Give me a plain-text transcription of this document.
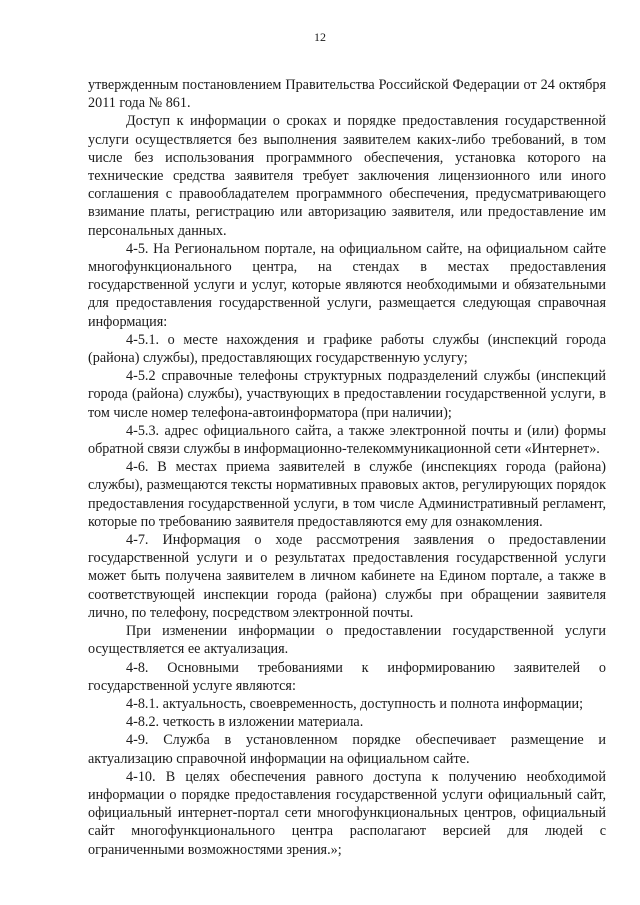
12

утвержденным постановлением Правительства Российской Федерации от 24 октября 2011 года № 861.

Доступ к информации о сроках и порядке предоставления государственной услуги осуществляется без выполнения заявителем каких-либо требований, в том числе без использования программного обеспечения, установка которого на технические средства заявителя требует заключения лицензионного или иного соглашения с правообладателем программного обеспечения, предусматривающего взимание платы, регистрацию или авторизацию заявителя, или предоставление им персональных данных.

4-5. На Региональном портале, на официальном сайте, на официальном сайте многофункционального центра, на стендах в местах предоставления государственной услуги и услуг, которые являются необходимыми и обязательными для предоставления государственной услуги, размещается следующая справочная информация:

4-5.1. о месте нахождения и графике работы службы (инспекций города (района) службы), предоставляющих государственную услугу;

4-5.2 справочные телефоны структурных подразделений службы (инспекций города (района) службы), участвующих в предоставлении государственной услуги, в том числе номер телефона-автоинформатора (при наличии);

4-5.3. адрес официального сайта, а также электронной почты и (или) формы обратной связи службы в информационно-телекоммуникационной сети «Интернет».

4-6. В местах приема заявителей в службе (инспекциях города (района) службы), размещаются тексты нормативных правовых актов, регулирующих порядок предоставления государственной услуги, в том числе Административный регламент, которые по требованию заявителя предоставляются ему для ознакомления.

4-7. Информация о ходе рассмотрения заявления о предоставлении государственной услуги и о результатах предоставления государственной услуги может быть получена заявителем в личном кабинете на Едином портале, а также в соответствующей инспекции города (района) службы при обращении заявителя лично, по телефону, посредством электронной почты.

При изменении информации о предоставлении государственной услуги осуществляется ее актуализация.

4-8. Основными требованиями к информированию заявителей о государственной услуге являются:

4-8.1. актуальность, своевременность, доступность и полнота информации;

4-8.2. четкость в изложении материала.

4-9. Служба в установленном порядке обеспечивает размещение и актуализацию справочной информации на официальном сайте.

4-10. В целях обеспечения равного доступа к получению необходимой информации о порядке предоставления государственной услуги официальный сайт, официальный интернет-портал сети многофункциональных центров, официальный сайт многофункционального центра располагают версией для людей с ограниченными возможностями зрения.»;
